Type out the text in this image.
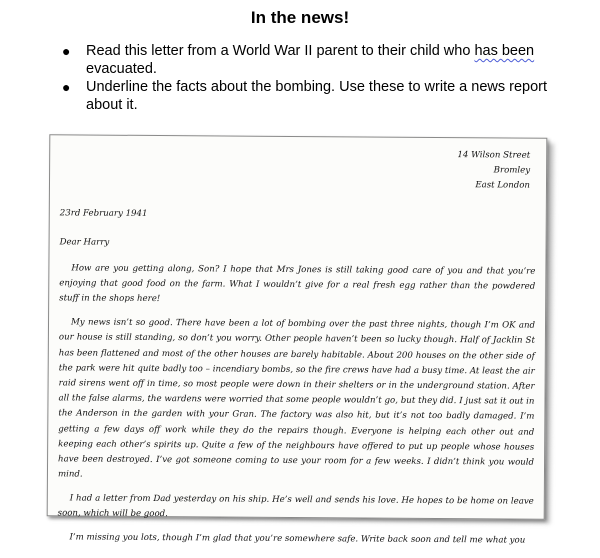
In the news!
● Read this letter from a World War II parent to their child who has been evacuated.
● Underline the facts about the bombing. Use these to write a news report about it.
14 Wilson Street
Bromley
East London
23rd February 1941
Dear Harry

How are you getting along, Son? I hope that Mrs Jones is still taking good care of you and that you’re enjoying that good food on the farm. What I wouldn’t give for a real fresh egg rather than the powdered stuff in the shops here!

My news isn’t so good. There have been a lot of bombing over the past three nights, though I’m OK and our house is still standing, so don’t you worry. Other people haven’t been so lucky though. Half of Jacklin St has been flattened and most of the other houses are barely habitable. About 200 houses on the other side of the park were hit quite badly too – incendiary bombs, so the fire crews have had a busy time. At least the air raid sirens went off in time, so most people were down in their shelters or in the underground station. After all the false alarms, the wardens were worried that some people wouldn’t go, but they did. I just sat it out in the Anderson in the garden with your Gran. The factory was also hit, but it’s not too badly damaged. I’m getting a few days off work while they do the repairs though. Everyone is helping each other out and keeping each other’s spirits up. Quite a few of the neighbours have offered to put up people whose houses have been destroyed. I’ve got someone coming to use your room for a few weeks. I didn’t think you would mind.

I had a letter from Dad yesterday on his ship. He’s well and sends his love. He hopes to be home on leave soon, which will be good.

I’m missing you lots, though I’m glad that you’re somewhere safe. Write back soon and tell me what you
